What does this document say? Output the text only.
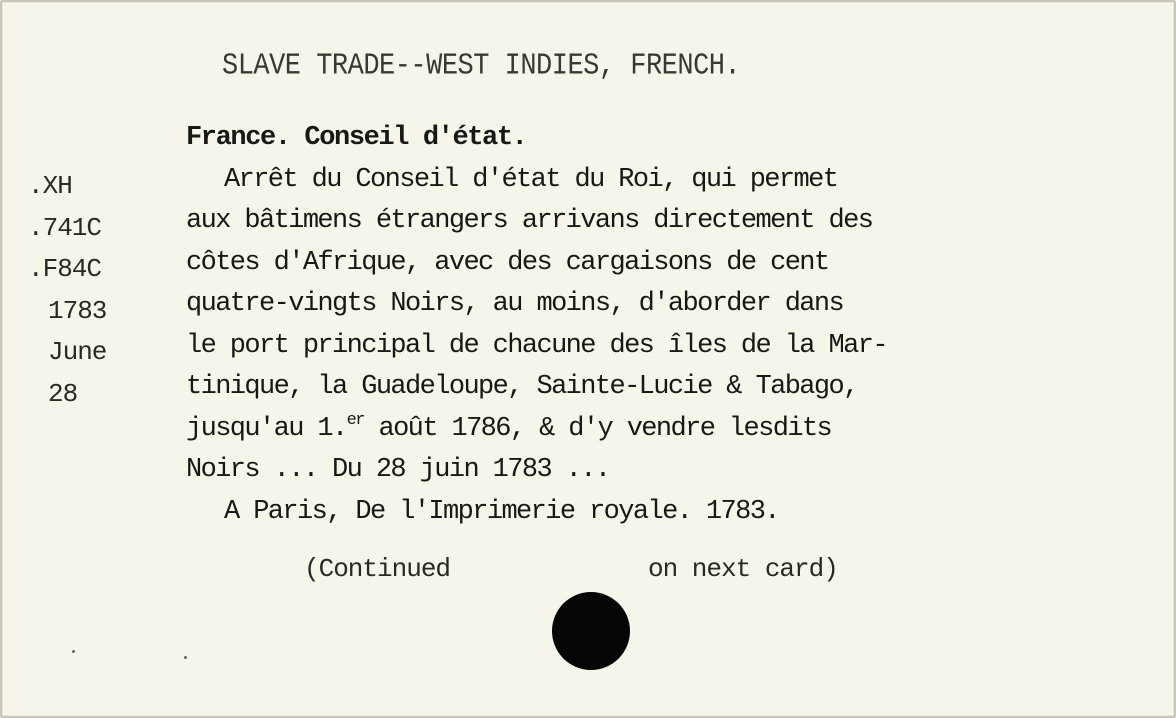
SLAVE TRADE--WEST INDIES, FRENCH.
.XH
.741C
.F84C
1783
June
28
France. Conseil d'état.
Arrêt du Conseil d'état du Roi, qui permet
aux bâtimens étrangers arrivans directement des
côtes d'Afrique, avec des cargaisons de cent
quatre-vingts Noirs, au moins, d'aborder dans
le port principal de chacune des îles de la Mar-
tinique, la Guadeloupe, Sainte-Lucie & Tabago,
jusqu'au 1.$^{er}$ août 1786, & d'y vendre lesdits
Noirs ... Du 28 juin 1783 ...
A Paris, De l'Imprimerie royale. 1783.
(Continued	on next card)
